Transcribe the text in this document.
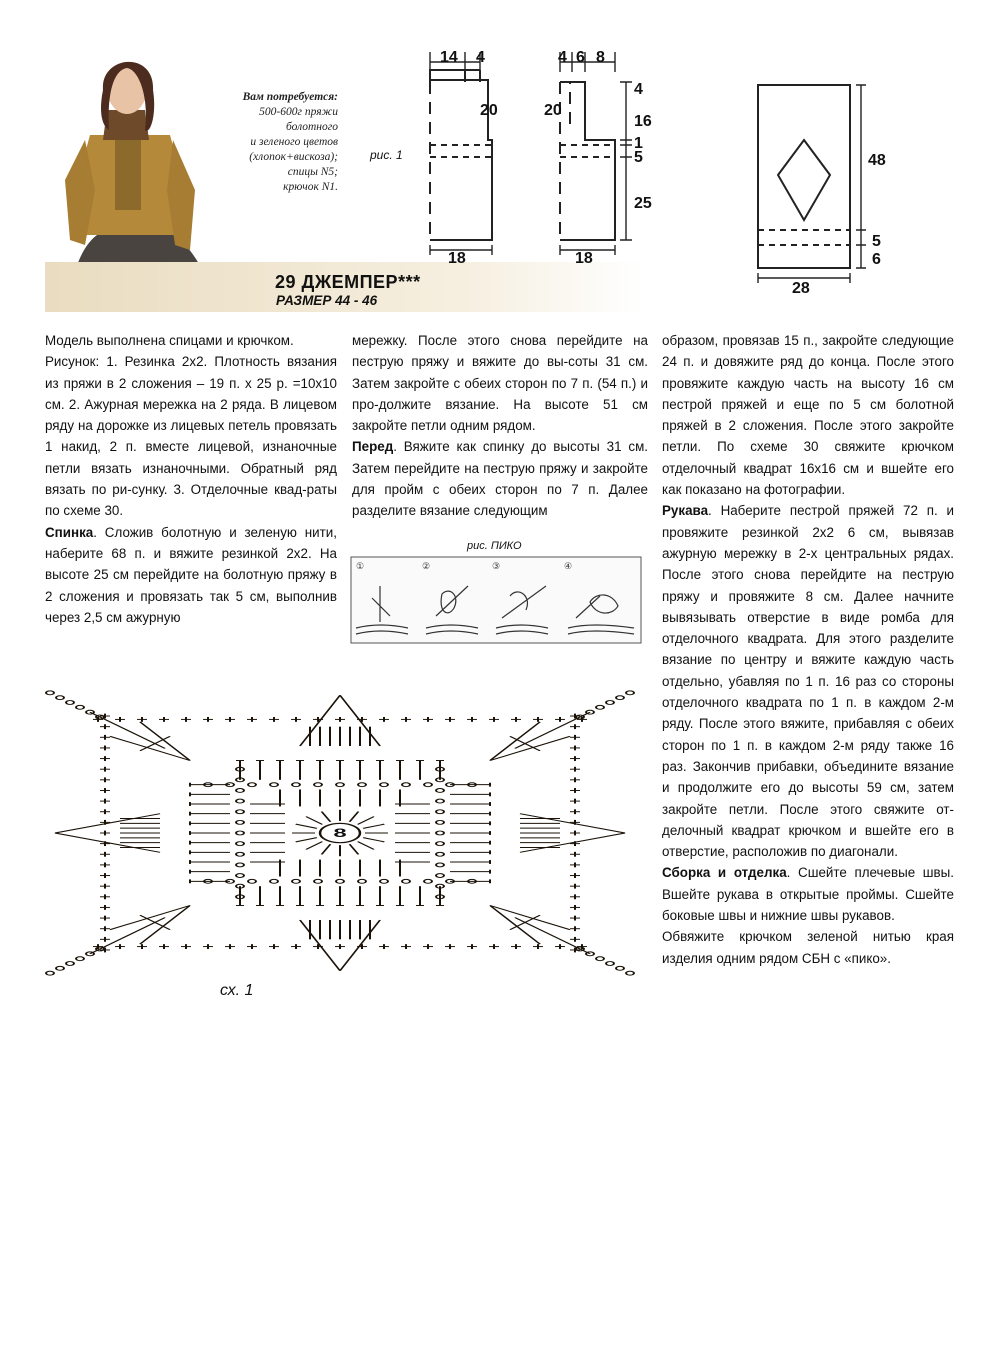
Вам потребуется:
500-600г пряжи
болотного
и зеленого цветов
(хлопок+вискоза);
спицы N5;
крючок N1.
29 ДЖЕМПЕР***
РАЗМЕР 44 - 46
рис. 1
14 4
20
18
4 6 8
20
4
16
1
5
25
18
48
5
6
28

Модель выполнена спицами и крючком.

Рисунок: 1. Резинка 2x2. Плотность вязания из пряжи в 2 сложения – 19 п. х 25 р. =10x10 см. 2. Ажурная мережка на 2 ряда. В лицевом ряду на дорожке из лицевых петель провязать 1 накид, 2 п. вместе лицевой, изнаночные петли вязать изнаночными. Обратный ряд вязать по ри-сунку. 3. Отделочные квад-раты по схеме 30.

Спинка. Сложив болотную и зеленую нити, наберите 68 п. и вяжите резинкой 2x2. На высоте 25 см перейдите на болотную пряжу в 2 сложения и провязать так 5 см, выполнив через 2,5 см ажурную

мережку. После этого снова перейдите на пеструю пряжу и вяжите до вы-соты 31 см. Затем закройте с обеих сторон по 7 п. (54 п.) и про-должите вязание. На высоте 51 см закройте петли одним рядом.

Перед. Вяжите как спинку до высоты 31 см. Затем перейдите на пеструю пряжу и закройте для пройм с обеих сторон по 7 п. Далее разделите вязание следующим

образом, провязав 15 п., закройте следующие 24 п. и довяжите ряд до конца. После этого провяжите каждую часть на высоту 16 см пестрой пряжей и еще по 5 см болотной пряжей в 2 сложения. После этого закройте петли. По схеме 30 свяжите крючком отделочный квадрат 16x16 см и вшейте его как показано на фотографии.

Рукава. Наберите пестрой пряжей 72 п. и провяжите резинкой 2x2 6 см, вывязав ажурную мережку в 2-х центральных рядах. После этого снова перейдите на пеструю пряжу и провяжите 8 см. Далее начните вывязывать отверстие в виде ромба для отделочного квадрата. Для этого разделите вязание по центру и вяжите каждую часть отдельно, убавляя по 1 п. 16 раз со стороны отделочного квадрата по 1 п. в каждом 2-м ряду. После этого вяжите, прибавляя с обеих сторон по 1 п. в каждом 2-м ряду также 16 раз. Закончив прибавки, объедините вязание и продолжите его до высоты 59 см, затем закройте петли. После этого свяжите от-делочный квадрат крючком и вшейте его в отверстие, расположив по диагонали.

Сборка и отделка. Сшейте плечевые швы. Вшейте рукава в открытые проймы. Сшейте боковые швы и нижние швы рукавов.

Обвяжите крючком зеленой нитью края изделия одним рядом СБН с «пико».

рис. ПИКО
①	②	③	④
сх. 1
8
